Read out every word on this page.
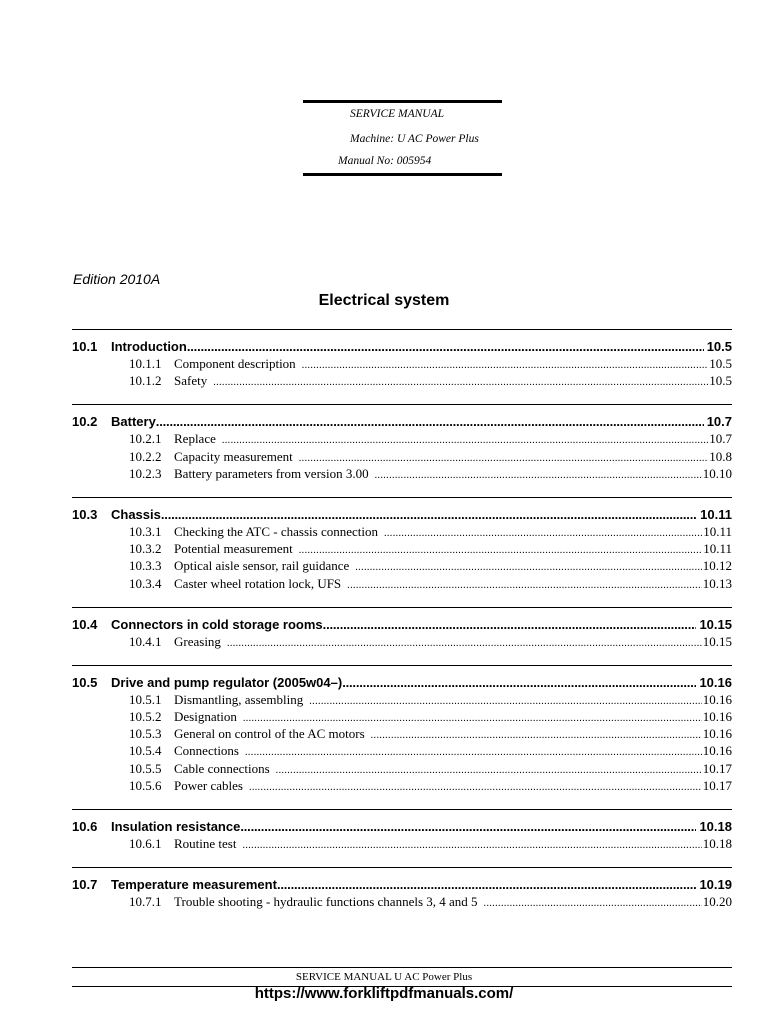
SERVICE MANUAL
Machine: U AC Power Plus
Manual No: 005954
Edition 2010A
Electrical system
10.1	Introduction .....	10.5
10.1.1 Component description .....	10.5
10.1.2 Safety .....	10.5
10.2	Battery .....	10.7
10.2.1 Replace .....	10.7
10.2.2 Capacity measurement .....	10.8
10.2.3 Battery parameters from version 3.00 .....	10.10
10.3	Chassis .....	10.11
10.3.1 Checking the ATC - chassis connection .....	10.11
10.3.2 Potential measurement .....	10.11
10.3.3 Optical aisle sensor, rail guidance .....	10.12
10.3.4 Caster wheel rotation lock, UFS .....	10.13
10.4	Connectors in cold storage rooms .....	10.15
10.4.1 Greasing .....	10.15
10.5	Drive and pump regulator (2005w04–) .....	10.16
10.5.1 Dismantling, assembling .....	10.16
10.5.2 Designation .....	10.16
10.5.3 General on control of the AC motors .....	10.16
10.5.4 Connections .....	10.16
10.5.5 Cable connections .....	10.17
10.5.6 Power cables .....	10.17
10.6	Insulation resistance .....	10.18
10.6.1 Routine test .....	10.18
10.7	Temperature measurement .....	10.19
10.7.1 Trouble shooting - hydraulic functions channels 3, 4 and 5 .....	10.20
SERVICE MANUAL U AC Power Plus
https://www.forkliftpdfmanuals.com/
